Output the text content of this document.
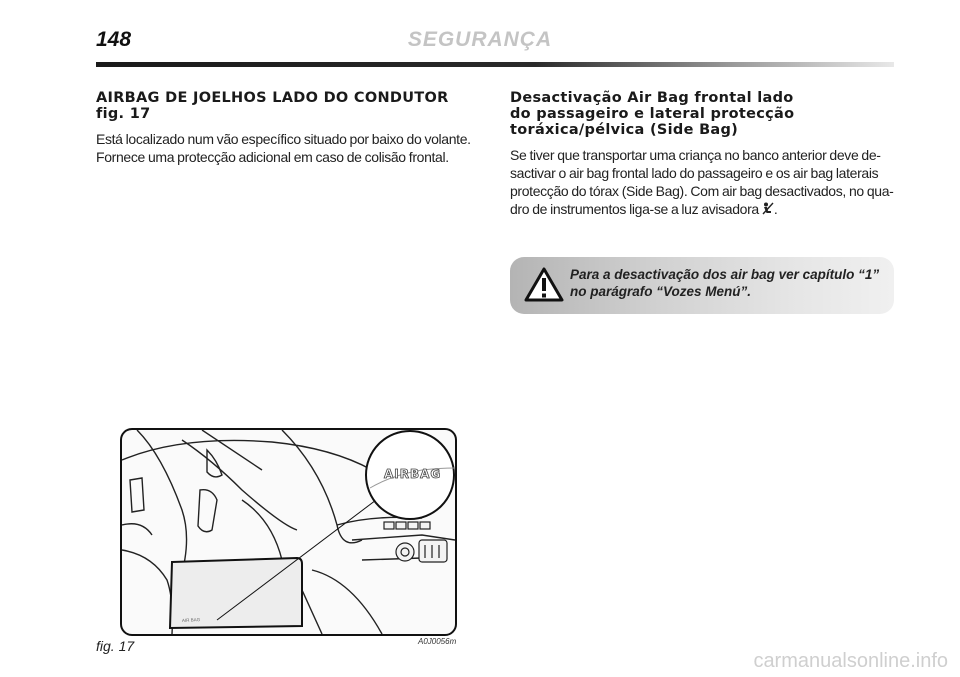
148	SEGURANÇA
AIRBAG DE JOELHOS LADO DO CONDUTOR
fig. 17

Está localizado num vão específico situado por baixo do volante.
Fornece uma protecção adicional em caso de colisão frontal.

Desactivação Air Bag frontal lado
do passageiro e lateral protecção
toráxica/pélvica (Side Bag)

Se tiver que transportar uma criança no banco anterior deve de-
sactivar o air bag frontal lado do passageiro e os air bag laterais
protecção do tórax (Side Bag). Com air bag desactivados, no qua-
dro de instrumentos liga-se a luz avisadora .

Para a desactivação dos air bag ver capítulo “1”
no parágrafo “Vozes Menú”.
AIR BAG
AIRBAG
fig. 17	A0J0056m
carmanualsonline.info
